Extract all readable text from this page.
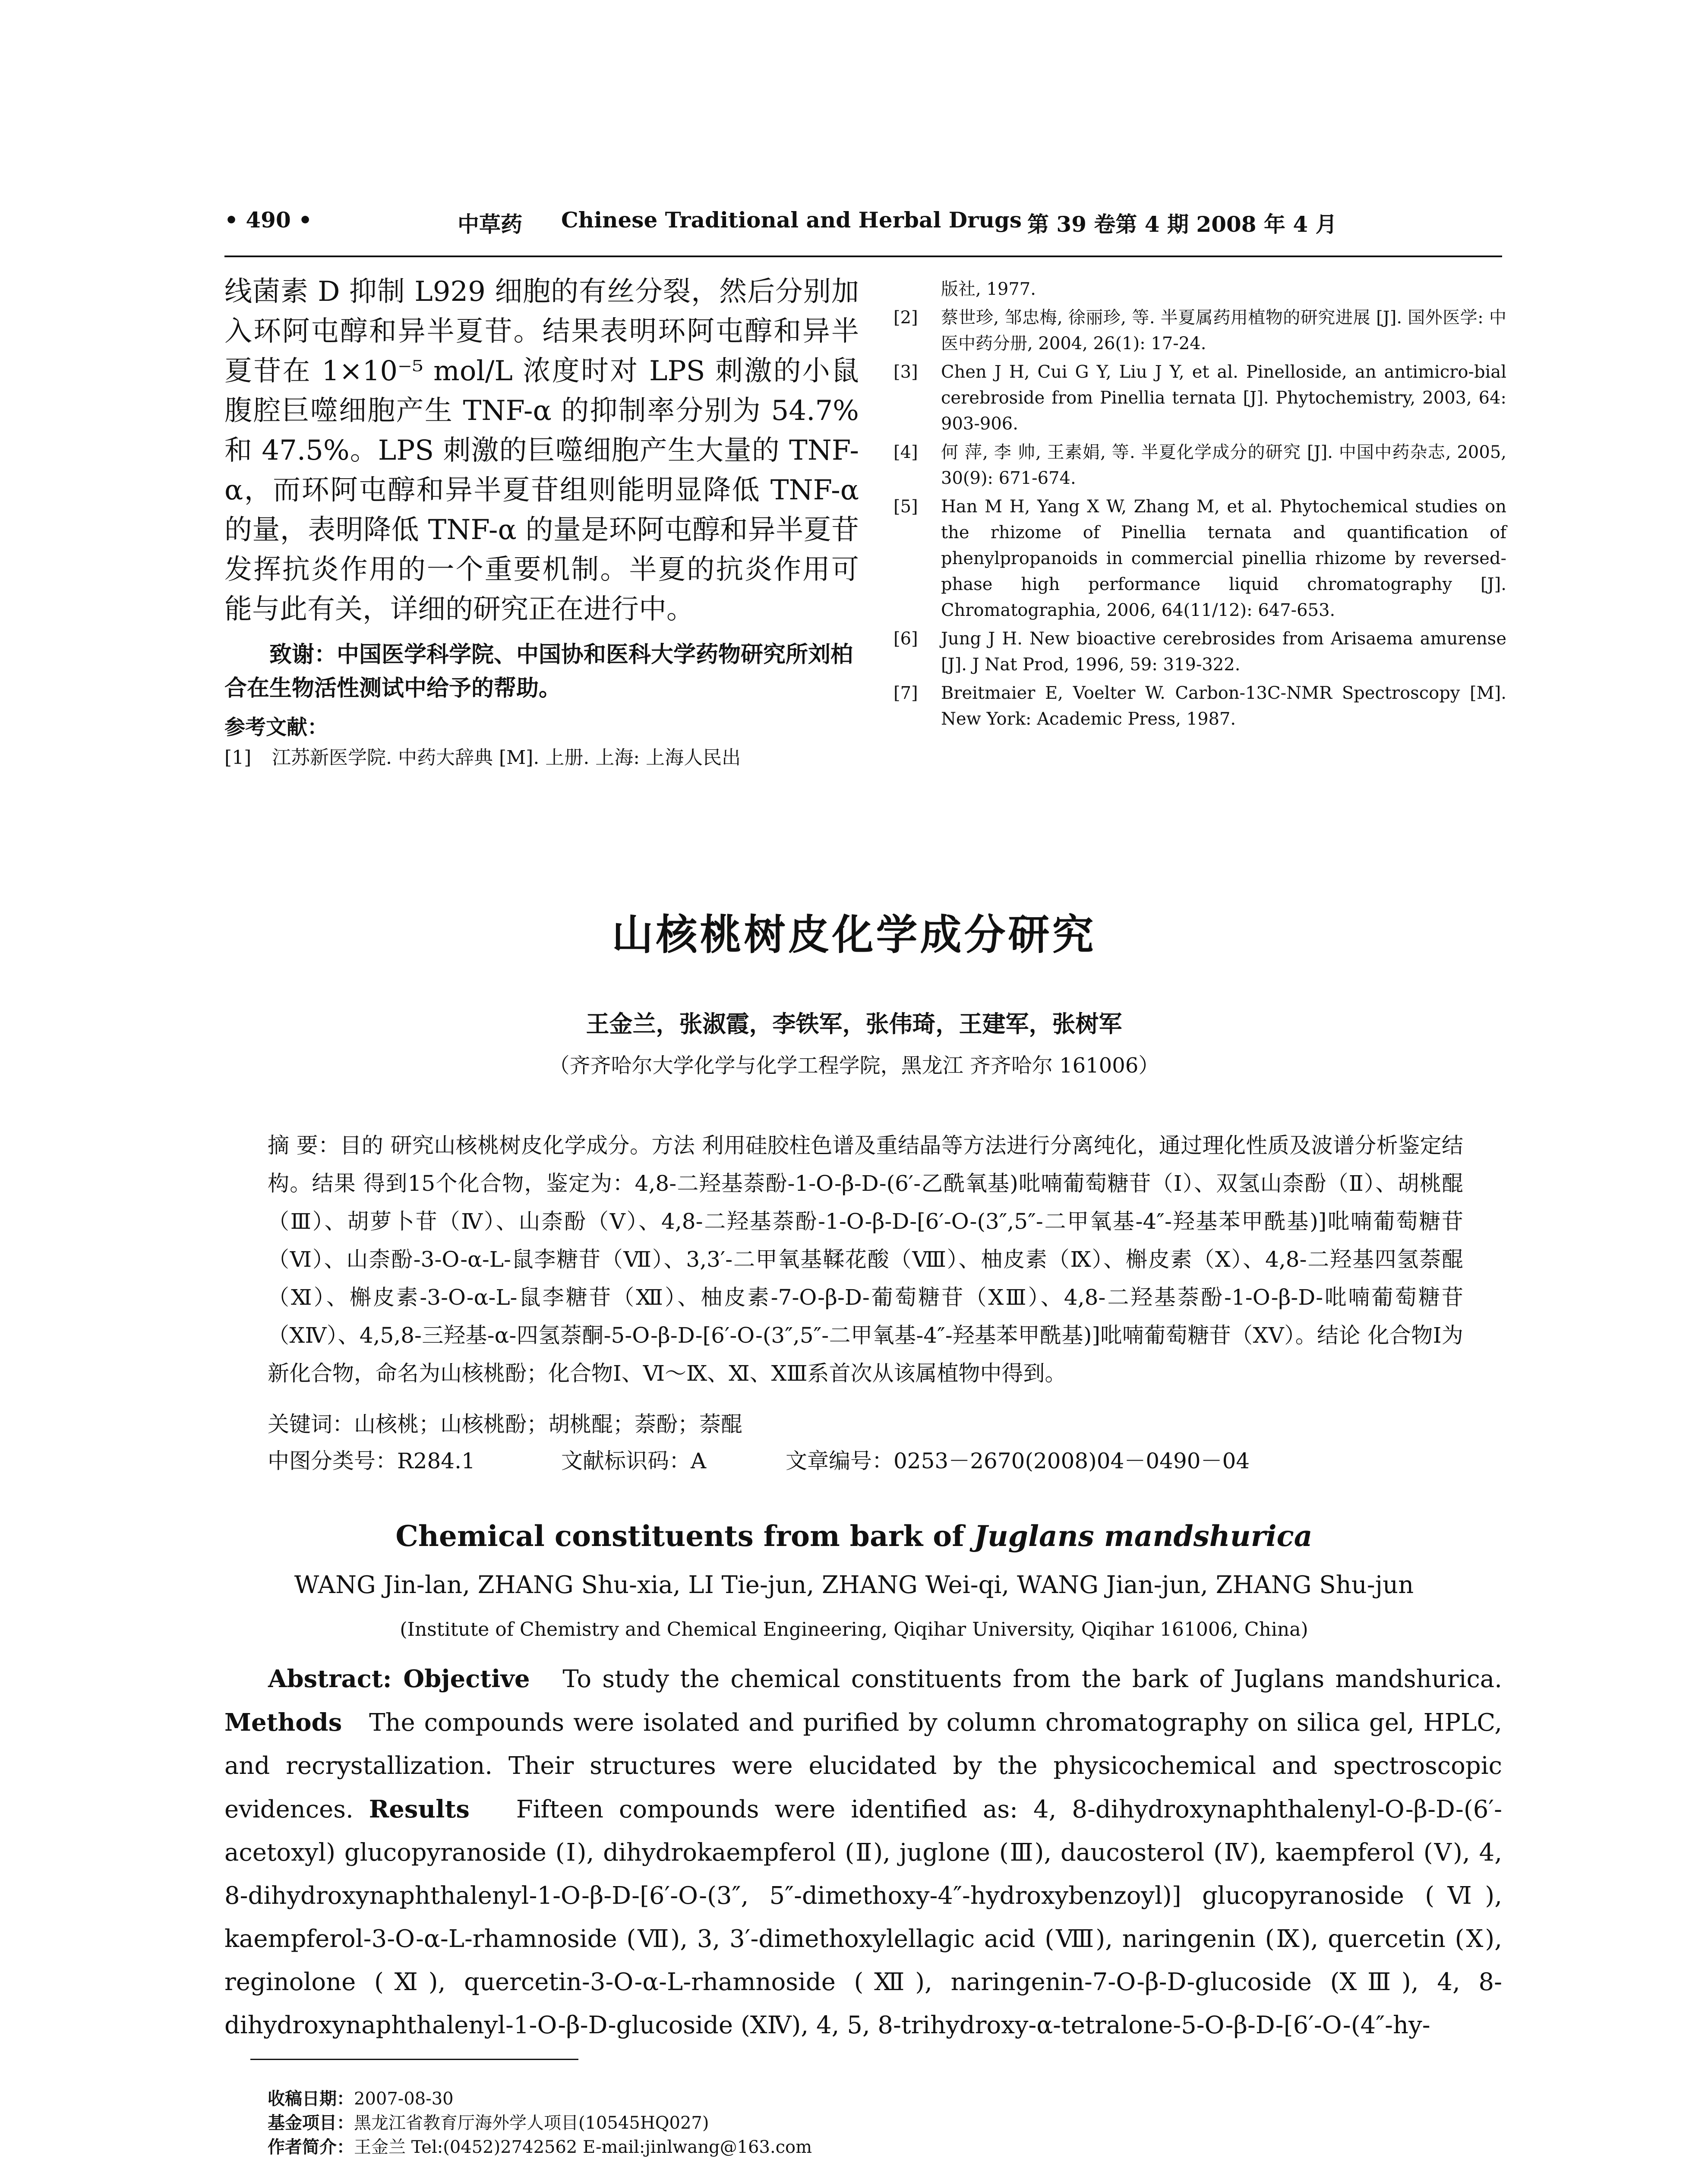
• 490 •	中草药 Chinese Traditional and Herbal Drugs 第 39 卷第 4 期 2008 年 4 月

线菌素 D 抑制 L929 细胞的有丝分裂，然后分别加入环阿屯醇和异半夏苷。结果表明环阿屯醇和异半夏苷在 1×10⁻⁵ mol/L 浓度时对 LPS 刺激的小鼠腹腔巨噬细胞产生 TNF-α 的抑制率分别为 54.7% 和 47.5%。LPS 刺激的巨噬细胞产生大量的 TNF-α，而环阿屯醇和异半夏苷组则能明显降低 TNF-α 的量，表明降低 TNF-α 的量是环阿屯醇和异半夏苷发挥抗炎作用的一个重要机制。半夏的抗炎作用可能与此有关，详细的研究正在进行中。

致谢：中国医学科学院、中国协和医科大学药物研究所刘柏合在生物活性测试中给予的帮助。

参考文献：
[1]	江苏新医学院. 中药大辞典 [M]. 上册. 上海: 上海人民出
版社, 1977.
[2]	蔡世珍, 邹忠梅, 徐丽珍, 等. 半夏属药用植物的研究进展 [J]. 国外医学: 中医中药分册, 2004, 26(1): 17-24.
[3]	Chen J H, Cui G Y, Liu J Y, et al. Pinelloside, an antimicro-bial cerebroside from Pinellia ternata [J]. Phytochemistry, 2003, 64: 903-906.
[4]	何 萍, 李 帅, 王素娟, 等. 半夏化学成分的研究 [J]. 中国中药杂志, 2005, 30(9): 671-674.
[5]	Han M H, Yang X W, Zhang M, et al. Phytochemical studies on the rhizome of Pinellia ternata and quantification of phenylpropanoids in commercial pinellia rhizome by reversed-phase high performance liquid chromatography [J]. Chromatographia, 2006, 64(11/12): 647-653.
[6]	Jung J H. New bioactive cerebrosides from Arisaema amurense [J]. J Nat Prod, 1996, 59: 319-322.
[7]	Breitmaier E, Voelter W. Carbon-13C-NMR Spectroscopy [M]. New York: Academic Press, 1987.
山核桃树皮化学成分研究
王金兰，张淑霞，李铁军，张伟琦，王建军，张树军
（齐齐哈尔大学化学与化学工程学院，黑龙江 齐齐哈尔 161006）
摘 要：目的 研究山核桃树皮化学成分。方法 利用硅胶柱色谱及重结晶等方法进行分离纯化，通过理化性质及波谱分析鉴定结构。结果 得到15个化合物，鉴定为：4,8-二羟基萘酚-1-O-β-D-(6′-乙酰氧基)吡喃葡萄糖苷（Ⅰ）、双氢山柰酚（Ⅱ）、胡桃醌（Ⅲ）、胡萝卜苷（Ⅳ）、山柰酚（Ⅴ）、4,8-二羟基萘酚-1-O-β-D-[6′-O-(3″,5″-二甲氧基-4″-羟基苯甲酰基)]吡喃葡萄糖苷（Ⅵ）、山柰酚-3-O-α-L-鼠李糖苷（Ⅶ）、3,3′-二甲氧基鞣花酸（Ⅷ）、柚皮素（Ⅸ）、槲皮素（Ⅹ）、4,8-二羟基四氢萘醌（Ⅺ）、槲皮素-3-O-α-L-鼠李糖苷（Ⅻ）、柚皮素-7-O-β-D-葡萄糖苷（XⅢ）、4,8-二羟基萘酚-1-O-β-D-吡喃葡萄糖苷（XⅣ）、4,5,8-三羟基-α-四氢萘酮-5-O-β-D-[6′-O-(3″,5″-二甲氧基-4″-羟基苯甲酰基)]吡喃葡萄糖苷（XⅤ）。结论 化合物Ⅰ为新化合物，命名为山核桃酚；化合物Ⅰ、Ⅵ～Ⅸ、Ⅺ、XⅢ系首次从该属植物中得到。
关键词：山核桃；山核桃酚；胡桃醌；萘酚；萘醌
中图分类号：R284.1	文献标识码：A	文章编号：0253－2670(2008)04－0490－04
Chemical constituents from bark of Juglans mandshurica
WANG Jin-lan, ZHANG Shu-xia, LI Tie-jun, ZHANG Wei-qi, WANG Jian-jun, ZHANG Shu-jun
(Institute of Chemistry and Chemical Engineering, Qiqihar University, Qiqihar 161006, China)
Abstract: Objective To study the chemical constituents from the bark of Juglans mandshurica. Methods The compounds were isolated and purified by column chromatography on silica gel, HPLC, and recrystallization. Their structures were elucidated by the physicochemical and spectroscopic evidences. Results Fifteen compounds were identified as: 4, 8-dihydroxynaphthalenyl-O-β-D-(6′-acetoxyl) glucopyranoside (Ⅰ), dihydrokaempferol (Ⅱ), juglone (Ⅲ), daucosterol (Ⅳ), kaempferol (Ⅴ), 4, 8-dihydroxynaphthalenyl-1-O-β-D-[6′-O-(3″, 5″-dimethoxy-4″-hydroxybenzoyl)] glucopyranoside (Ⅵ), kaempferol-3-O-α-L-rhamnoside (Ⅶ), 3, 3′-dimethoxylellagic acid (Ⅷ), naringenin (Ⅸ), quercetin (Ⅹ), reginolone (Ⅺ), quercetin-3-O-α-L-rhamnoside (Ⅻ), naringenin-7-O-β-D-glucoside (XⅢ), 4, 8-dihydroxynaphthalenyl-1-O-β-D-glucoside (XⅣ), 4, 5, 8-trihydroxy-α-tetralone-5-O-β-D-[6′-O-(4″-hy-
收稿日期：2007-08-30
基金项目：黑龙江省教育厅海外学人项目(10545HQ027)
作者简介：王金兰 Tel:(0452)2742562 E-mail:jinlwang@163.com
